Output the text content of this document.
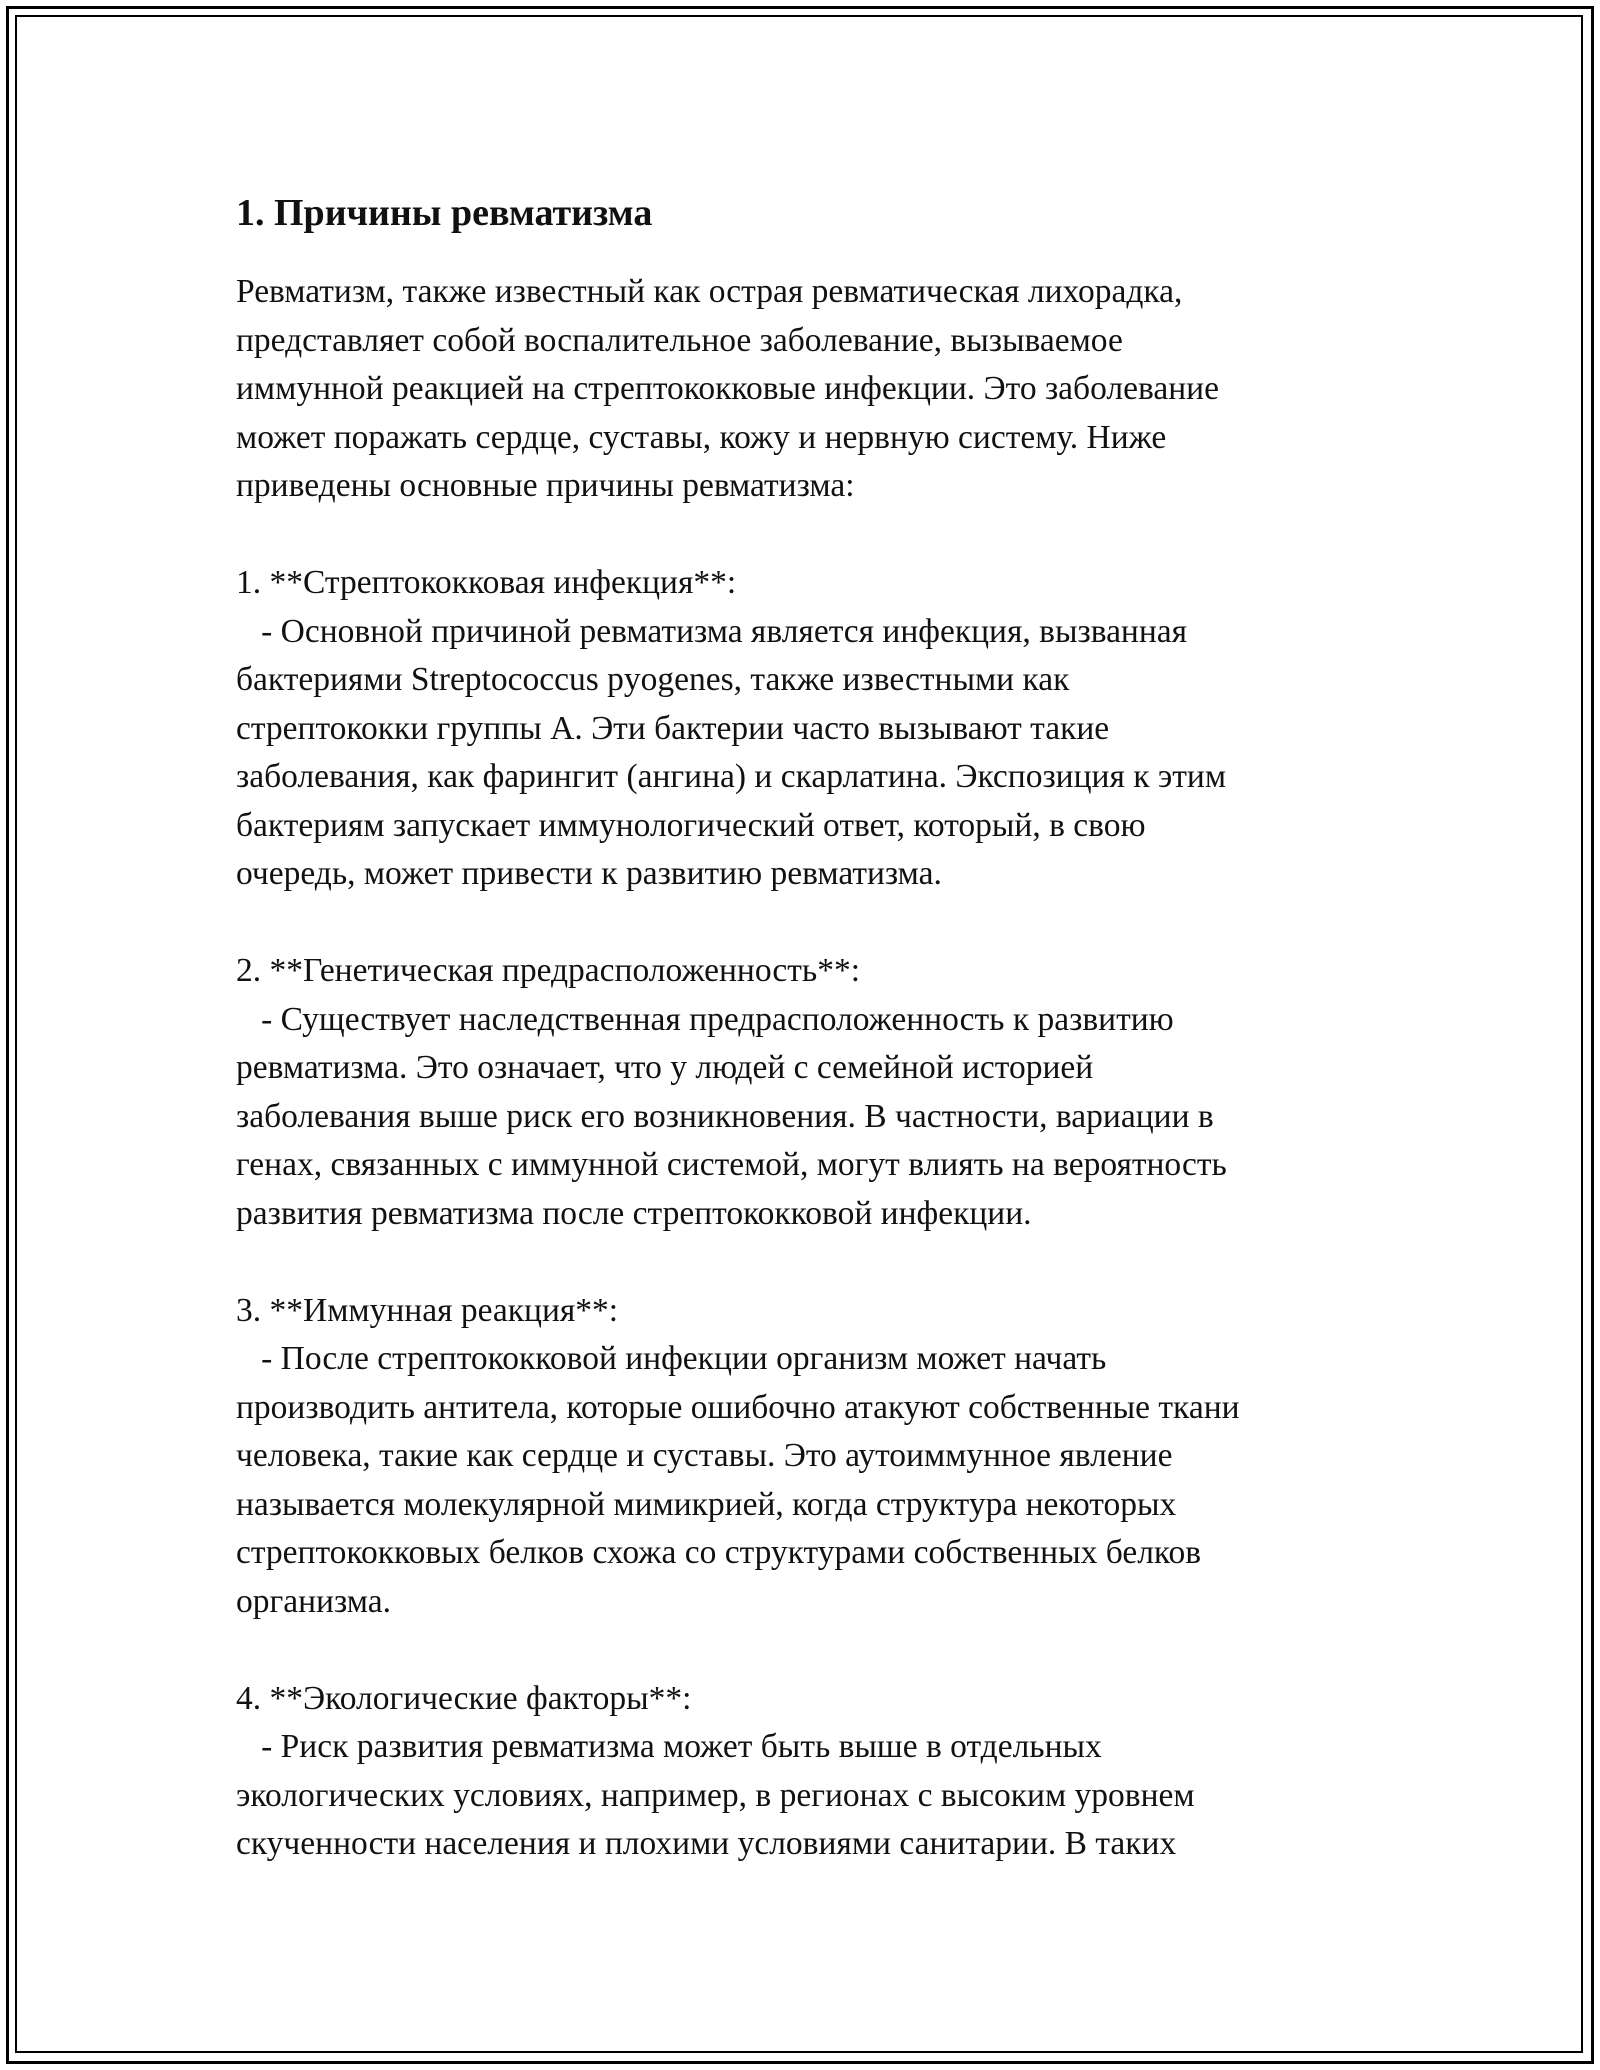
1. Причины ревматизма
Ревматизм, также известный как острая ревматическая лихорадка,
представляет собой воспалительное заболевание, вызываемое
иммунной реакцией на стрептококковые инфекции. Это заболевание
может поражать сердце, суставы, кожу и нервную систему. Ниже
приведены основные причины ревматизма:
1. **Стрептококковая инфекция**:
- Основной причиной ревматизма является инфекция, вызванная
бактериями Streptococcus pyogenes, также известными как
стрептококки группы А. Эти бактерии часто вызывают такие
заболевания, как фарингит (ангина) и скарлатина. Экспозиция к этим
бактериям запускает иммунологический ответ, который, в свою
очередь, может привести к развитию ревматизма.
2. **Генетическая предрасположенность**:
- Существует наследственная предрасположенность к развитию
ревматизма. Это означает, что у людей с семейной историей
заболевания выше риск его возникновения. В частности, вариации в
генах, связанных с иммунной системой, могут влиять на вероятность
развития ревматизма после стрептококковой инфекции.
3. **Иммунная реакция**:
- После стрептококковой инфекции организм может начать
производить антитела, которые ошибочно атакуют собственные ткани
человека, такие как сердце и суставы. Это аутоиммунное явление
называется молекулярной мимикрией, когда структура некоторых
стрептококковых белков схожа со структурами собственных белков
организма.
4. **Экологические факторы**:
- Риск развития ревматизма может быть выше в отдельных
экологических условиях, например, в регионах с высоким уровнем
скученности населения и плохими условиями санитарии. В таких
